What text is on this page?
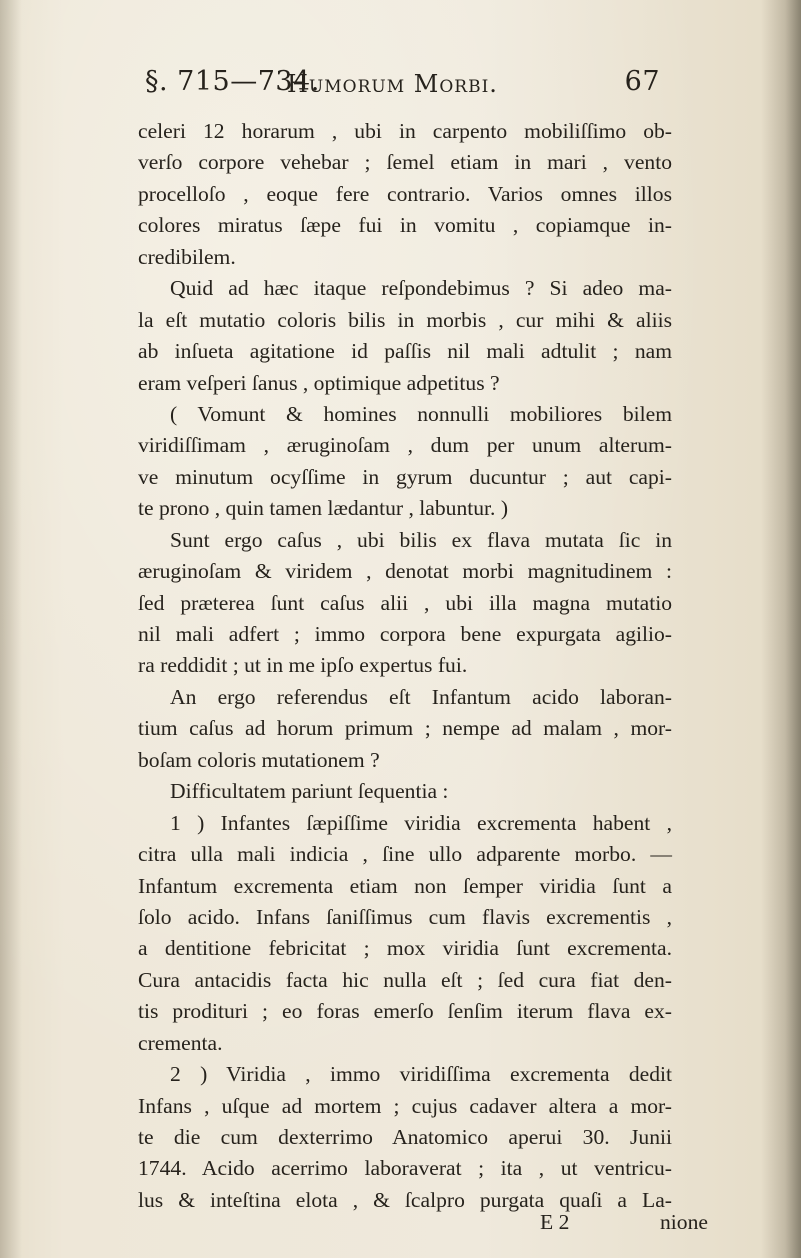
§. 715—734.
Humorum Morbi.	67
celeri 12 horarum , ubi in carpento mobiliſſimo ob-
verſo corpore vehebar ; ſemel etiam in mari , vento
procelloſo , eoque fere contrario. Varios omnes illos
colores miratus ſæpe fui in vomitu , copiamque in-
credibilem.
Quid ad hæc itaque reſpondebimus ? Si adeo ma-
la eſt mutatio coloris bilis in morbis , cur mihi & aliis
ab inſueta agitatione id paſſis nil mali adtulit ; nam
eram veſperi ſanus , optimique adpetitus ?
( Vomunt & homines nonnulli mobiliores bilem
viridiſſimam , æruginoſam , dum per unum alterum-
ve minutum ocyſſime in gyrum ducuntur ; aut capi-
te prono , quin tamen lædantur , labuntur. )
Sunt ergo caſus , ubi bilis ex flava mutata ſic in
æruginoſam & viridem , denotat morbi magnitudinem :
ſed præterea ſunt caſus alii , ubi illa magna mutatio
nil mali adfert ; immo corpora bene expurgata agilio-
ra reddidit ; ut in me ipſo expertus fui.
An ergo referendus eſt Infantum acido laboran-
tium caſus ad horum primum ; nempe ad malam , mor-
boſam coloris mutationem ?
Difficultatem pariunt ſequentia :
1 ) Infantes ſæpiſſime viridia excrementa habent ,
citra ulla mali indicia , ſine ullo adparente morbo. —
Infantum excrementa etiam non ſemper viridia ſunt a
ſolo acido. Infans ſaniſſimus cum flavis excrementis ,
a dentitione febricitat ; mox viridia ſunt excrementa.
Cura antacidis facta hic nulla eſt ; ſed cura fiat den-
tis prodituri ; eo foras emerſo ſenſim iterum flava ex-
crementa.
2 ) Viridia , immo viridiſſima excrementa dedit
Infans , uſque ad mortem ; cujus cadaver altera a mor-
te die cum dexterrimo Anatomico aperui 30. Junii
1744. Acido acerrimo laboraverat ; ita , ut ventricu-
lus & inteſtina elota , & ſcalpro purgata quaſi a La-
E 2	nione
